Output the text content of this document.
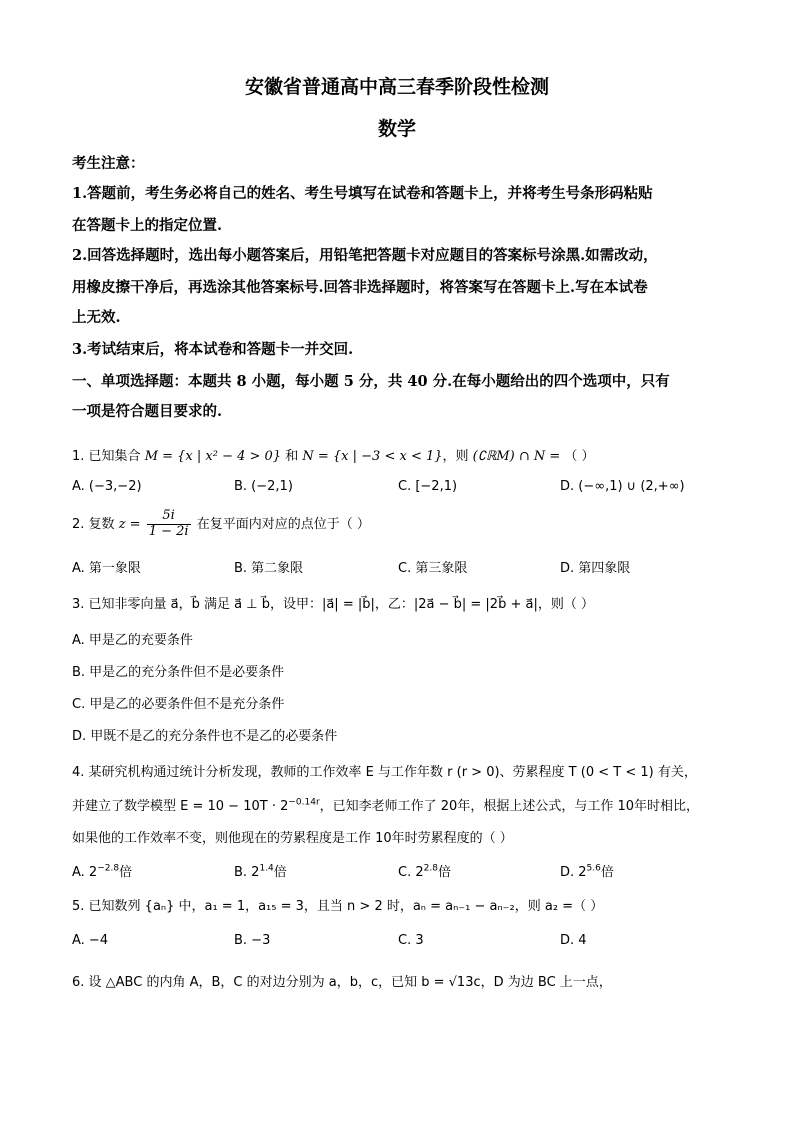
安徽省普通高中高三春季阶段性检测
数学
考生注意：
1.答题前，考生务必将自己的姓名、考生号填写在试卷和答题卡上，并将考生号条形码粘贴
在答题卡上的指定位置.
2.回答选择题时，选出每小题答案后，用铅笔把答题卡对应题目的答案标号涂黑.如需改动，
用橡皮擦干净后，再选涂其他答案标号.回答非选择题时，将答案写在答题卡上.写在本试卷
上无效.
3.考试结束后，将本试卷和答题卡一并交回.
一、单项选择题：本题共 8 小题，每小题 5 分，共 40 分.在每小题给出的四个选项中，只有
一项是符合题目要求的.
1. 已知集合 M = {x | x² − 4 > 0} 和 N = {x | −3 < x < 1}，则 (∁ℝM) ∩ N = （ ）
A. (−3,−2)	B. (−2,1)	C. [−2,1)	D. (−∞,1) ∪ (2,+∞)
2. 复数 $z = \frac{5i}{1 - 2i}$ 在复平面内对应的点位于（ ）
A. 第一象限	B. 第二象限	C. 第三象限	D. 第四象限
3. 已知非零向量 a⃗，b⃗ 满足 a⃗ ⊥ b⃗，设甲：|a⃗| = |b⃗|，乙：|2a⃗ − b⃗| = |2b⃗ + a⃗|，则（ ）
A. 甲是乙的充要条件
B. 甲是乙的充分条件但不是必要条件
C. 甲是乙的必要条件但不是充分条件
D. 甲既不是乙的充分条件也不是乙的必要条件
4. 某研究机构通过统计分析发现，教师的工作效率 E 与工作年数 r (r > 0)、劳累程度 T (0 < T < 1) 有关，
并建立了数学模型 $E = 10 - 10T \cdot 2^{-0.14r}$，已知李老师工作了 20年，根据上述公式，与工作 10年时相比，
如果他的工作效率不变，则他现在的劳累程度是工作 10年时劳累程度的（ ）
A. $2^{-2.8}$倍	B. $2^{1.4}$倍	C. $2^{2.8}$倍	D. $2^{5.6}$倍
5. 已知数列 {aₙ} 中，a₁ = 1，a₁₅ = 3，且当 n > 2 时，aₙ = aₙ₋₁ − aₙ₋₂，则 a₂ =（ ）
A. −4	B. −3	C. 3	D. 4
6. 设 △ABC 的内角 A，B，C 的对边分别为 a，b，c，已知 b = √13c，D 为边 BC 上一点，
